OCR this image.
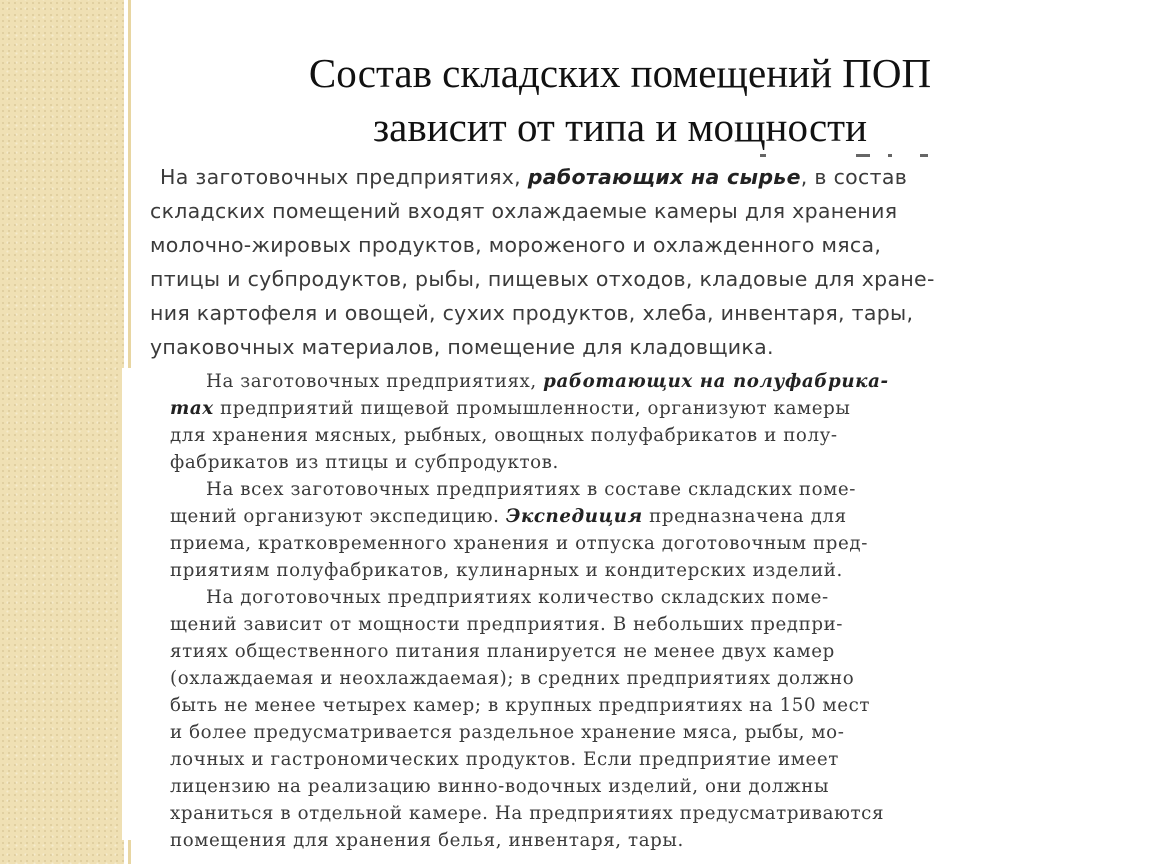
Состав складских помещений ПОП
зависит от типа и мощности
На заготовочных предприятиях, работающих на сырье, в состав
складских помещений входят охлаждаемые камеры для хранения
молочно-жировых продуктов, мороженого и охлажденного мяса,
птицы и субпродуктов, рыбы, пищевых отходов, кладовые для хране-
ния картофеля и овощей, сухих продуктов, хлеба, инвентаря, тары,
упаковочных материалов, помещение для кладовщика.
На заготовочных предприятиях, работающих на полуфабрика-
тах предприятий пищевой промышленности, организуют камеры
для хранения мясных, рыбных, овощных полуфабрикатов и полу-
фабрикатов из птицы и субпродуктов.
На всех заготовочных предприятиях в составе складских поме-
щений организуют экспедицию. Экспедиция предназначена для
приема, кратковременного хранения и отпуска доготовочным пред-
приятиям полуфабрикатов, кулинарных и кондитерских изделий.
На доготовочных предприятиях количество складских поме-
щений зависит от мощности предприятия. В небольших предпри-
ятиях общественного питания планируется не менее двух камер
(охлаждаемая и неохлаждаемая); в средних предприятиях должно
быть не менее четырех камер; в крупных предприятиях на 150 мест
и более предусматривается раздельное хранение мяса, рыбы, мо-
лочных и гастрономических продуктов. Если предприятие имеет
лицензию на реализацию винно-водочных изделий, они должны
храниться в отдельной камере. На предприятиях предусматриваются
помещения для хранения белья, инвентаря, тары.
